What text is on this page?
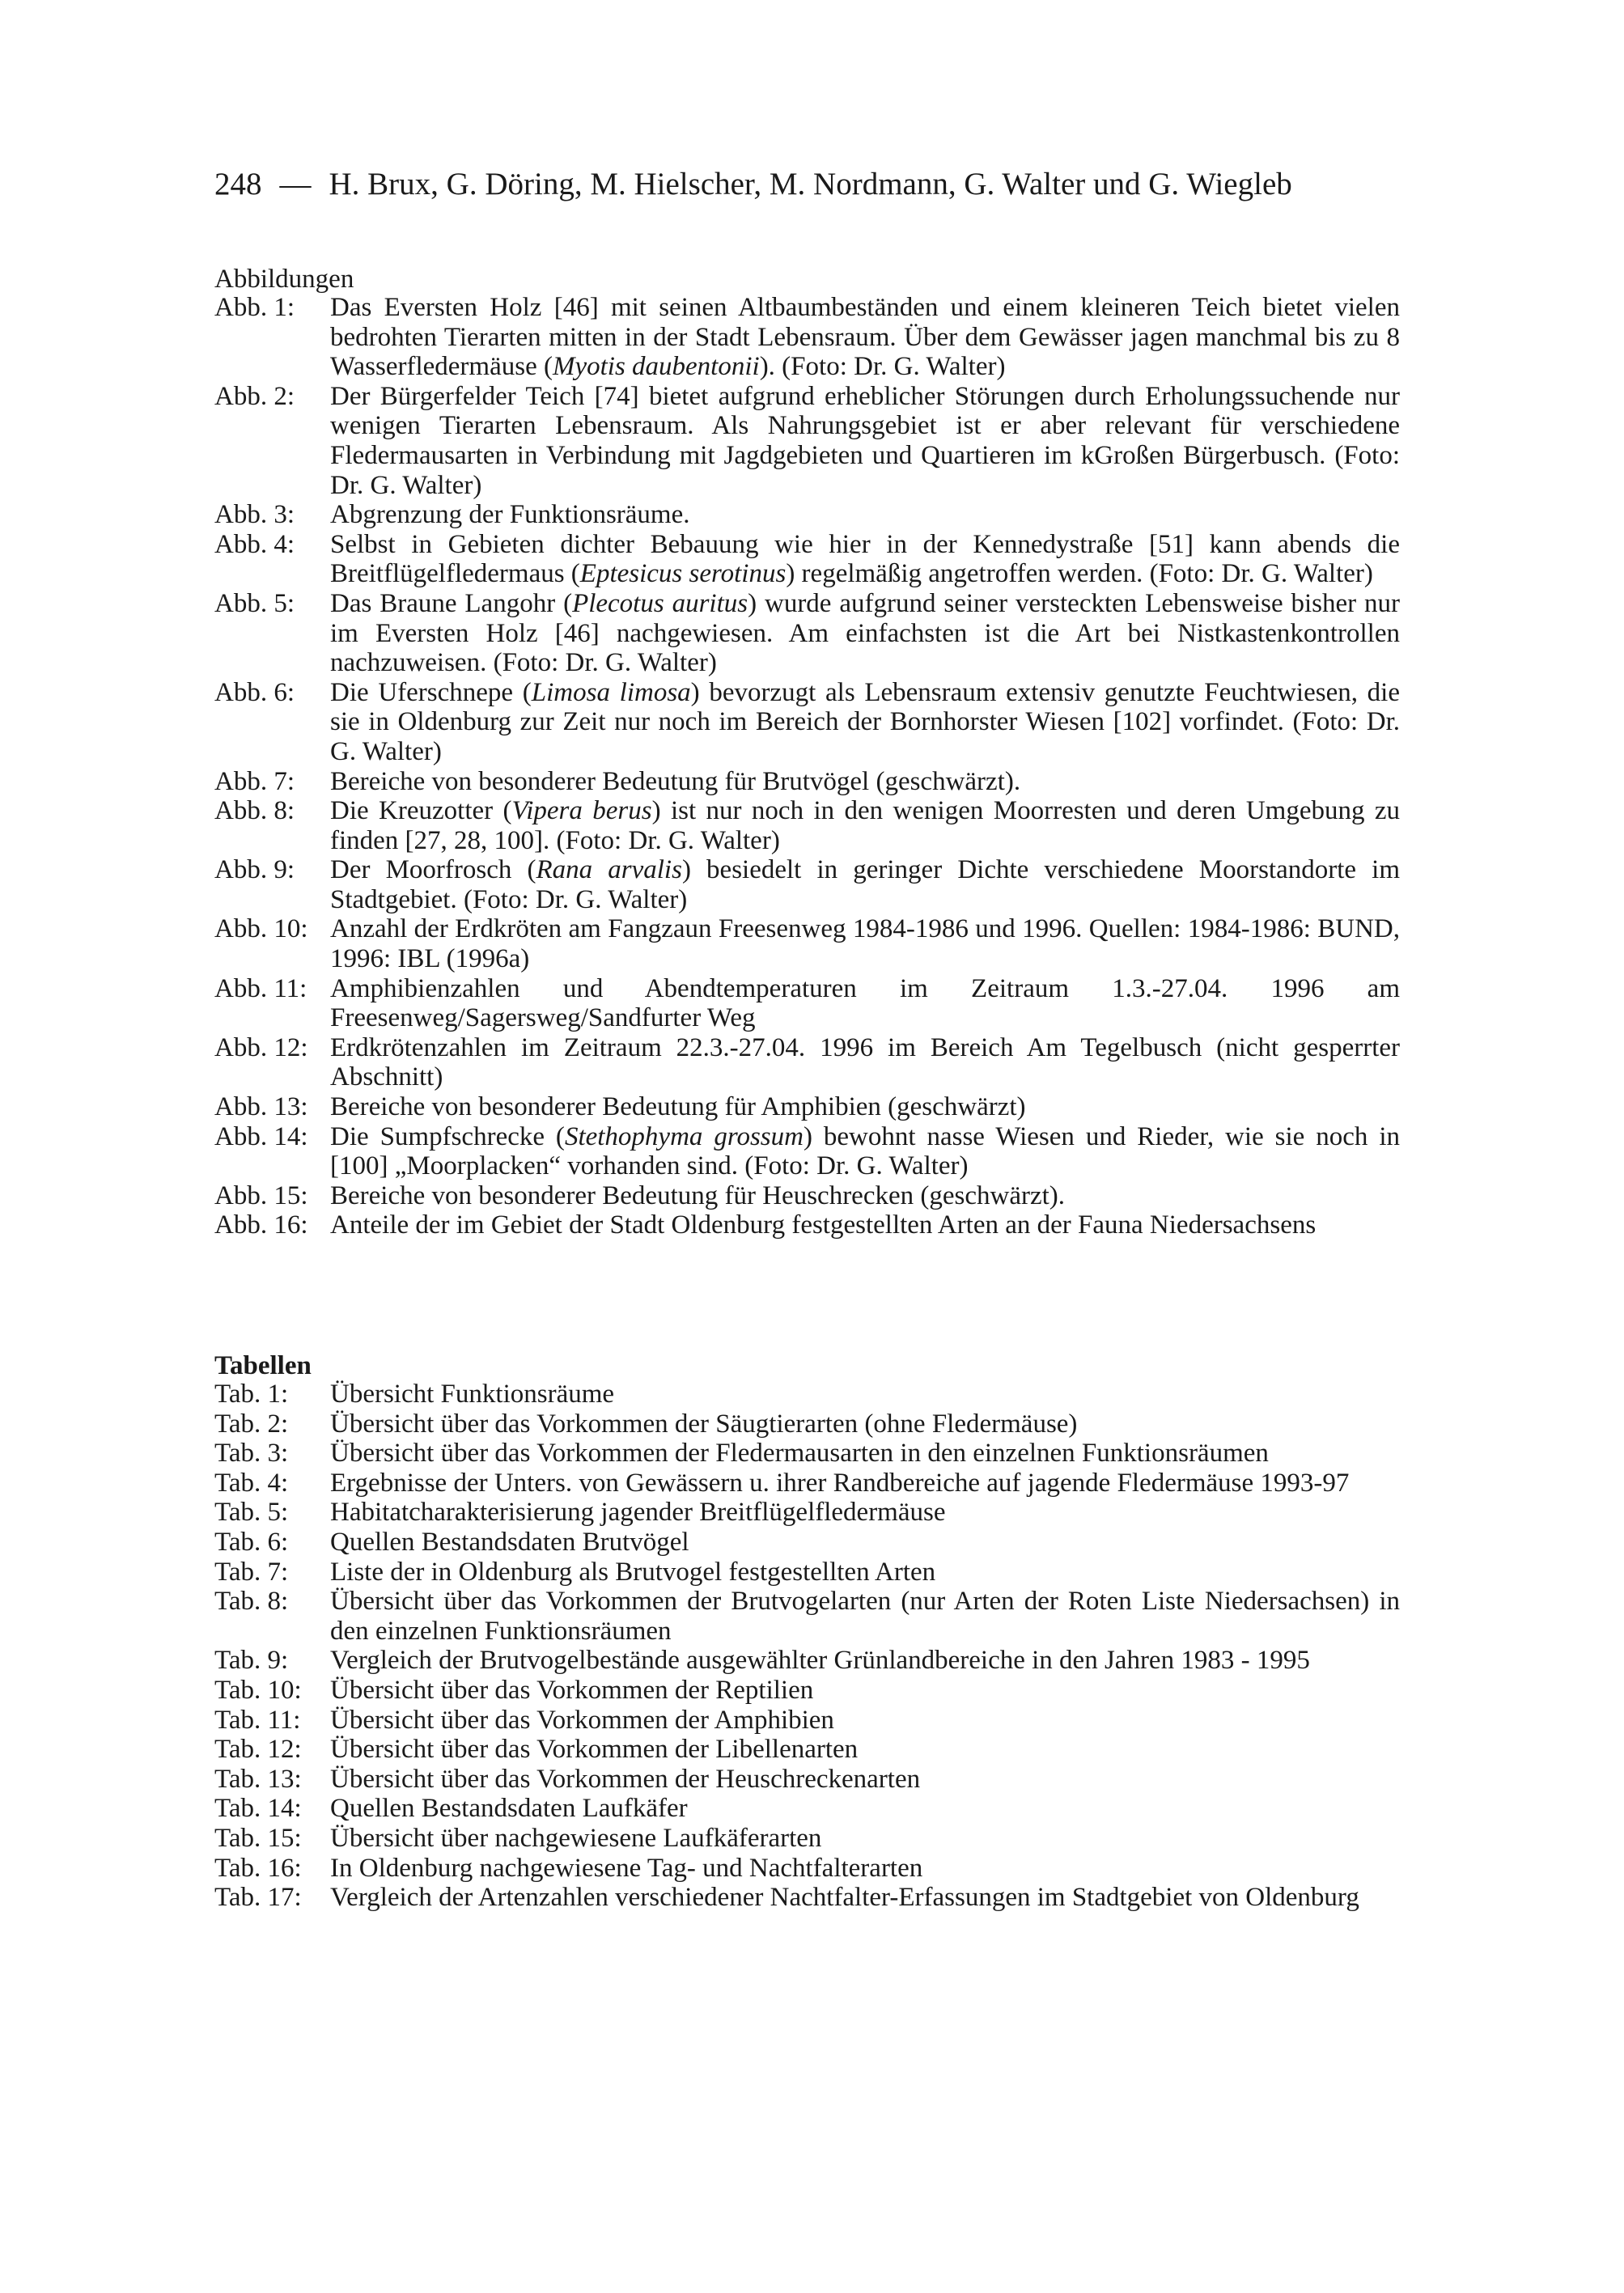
248 — H. Brux, G. Döring, M. Hielscher, M. Nordmann, G. Walter und G. Wiegleb
Abbildungen
Abb. 1:	Das Eversten Holz [46] mit seinen Altbaumbeständen und einem kleineren Teich bietet vielen bedrohten Tierarten mitten in der Stadt Lebensraum. Über dem Gewässer jagen manchmal bis zu 8 Wasserfledermäuse (Myotis daubentonii). (Foto: Dr. G. Walter)
Abb. 2:	Der Bürgerfelder Teich [74] bietet aufgrund erheblicher Störungen durch Erholungssuchende nur wenigen Tierarten Lebensraum. Als Nahrungsgebiet ist er aber relevant für verschiedene Fledermausarten in Verbindung mit Jagdgebieten und Quartieren im kGroßen Bürgerbusch. (Foto: Dr. G. Walter)
Abb. 3:	Abgrenzung der Funktionsräume.
Abb. 4:	Selbst in Gebieten dichter Bebauung wie hier in der Kennedystraße [51] kann abends die Breitflügelfledermaus (Eptesicus serotinus) regelmäßig angetroffen werden. (Foto: Dr. G. Walter)
Abb. 5:	Das Braune Langohr (Plecotus auritus) wurde aufgrund seiner versteckten Lebensweise bisher nur im Eversten Holz [46] nachgewiesen. Am einfachsten ist die Art bei Nistkastenkontrollen nachzuweisen. (Foto: Dr. G. Walter)
Abb. 6:	Die Uferschnepe (Limosa limosa) bevorzugt als Lebensraum extensiv genutzte Feuchtwiesen, die sie in Oldenburg zur Zeit nur noch im Bereich der Bornhorster Wiesen [102] vorfindet. (Foto: Dr. G. Walter)
Abb. 7:	Bereiche von besonderer Bedeutung für Brutvögel (geschwärzt).
Abb. 8:	Die Kreuzotter (Vipera berus) ist nur noch in den wenigen Moorresten und deren Umgebung zu finden [27, 28, 100]. (Foto: Dr. G. Walter)
Abb. 9:	Der Moorfrosch (Rana arvalis) besiedelt in geringer Dichte verschiedene Moorstandorte im Stadtgebiet. (Foto: Dr. G. Walter)
Abb. 10: Anzahl der Erdkröten am Fangzaun Freesenweg 1984-1986 und 1996. Quellen: 1984-1986: BUND, 1996: IBL (1996a)
Abb. 11: Amphibienzahlen und Abendtemperaturen im Zeitraum 1.3.-27.04. 1996 am Freesenweg/Sagersweg/Sandfurter Weg
Abb. 12: Erdkrötenzahlen im Zeitraum 22.3.-27.04. 1996 im Bereich Am Tegelbusch (nicht gesperrter Abschnitt)
Abb. 13: Bereiche von besonderer Bedeutung für Amphibien (geschwärzt)
Abb. 14: Die Sumpfschrecke (Stethophyma grossum) bewohnt nasse Wiesen und Rieder, wie sie noch in [100] „Moorplacken“ vorhanden sind. (Foto: Dr. G. Walter)
Abb. 15: Bereiche von besonderer Bedeutung für Heuschrecken (geschwärzt).
Abb. 16: Anteile der im Gebiet der Stadt Oldenburg festgestellten Arten an der Fauna Niedersachsens
Tabellen
Tab. 1:	Übersicht Funktionsräume
Tab. 2:	Übersicht über das Vorkommen der Säugtierarten (ohne Fledermäuse)
Tab. 3:	Übersicht über das Vorkommen der Fledermausarten in den einzelnen Funktionsräumen
Tab. 4:	Ergebnisse der Unters. von Gewässern u. ihrer Randbereiche auf jagende Fledermäuse 1993-97
Tab. 5:	Habitatcharakterisierung jagender Breitflügelfledermäuse
Tab. 6:	Quellen Bestandsdaten Brutvögel
Tab. 7:	Liste der in Oldenburg als Brutvogel festgestellten Arten
Tab. 8:	Übersicht über das Vorkommen der Brutvogelarten (nur Arten der Roten Liste Niedersachsen) in den einzelnen Funktionsräumen
Tab. 9:	Vergleich der Brutvogelbestände ausgewählter Grünlandbereiche in den Jahren 1983 - 1995
Tab. 10:	Übersicht über das Vorkommen der Reptilien
Tab. 11:	Übersicht über das Vorkommen der Amphibien
Tab. 12:	Übersicht über das Vorkommen der Libellenarten
Tab. 13:	Übersicht über das Vorkommen der Heuschreckenarten
Tab. 14:	Quellen Bestandsdaten Laufkäfer
Tab. 15:	Übersicht über nachgewiesene Laufkäferarten
Tab. 16:	In Oldenburg nachgewiesene Tag- und Nachtfalterarten
Tab. 17:	Vergleich der Artenzahlen verschiedener Nachtfalter-Erfassungen im Stadtgebiet von Oldenburg
